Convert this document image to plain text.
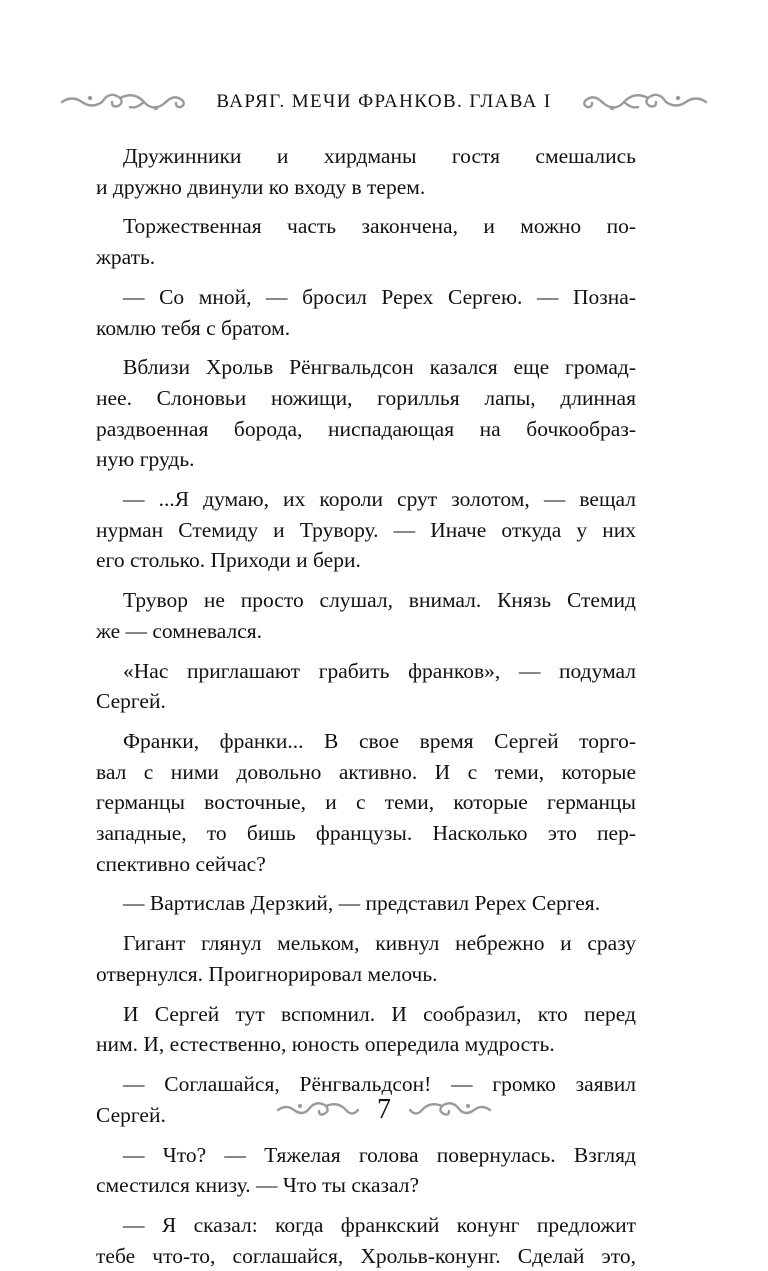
ВАРЯГ. МЕЧИ ФРАНКОВ. ГЛАВА I

Дружинники и хирдманы гостя смешались
и дружно двинули ко входу в терем.

Торжественная часть закончена, и можно по-
жрать.

— Со мной, — бросил Ререх Сергею. — Позна-
комлю тебя с братом.

Вблизи Хрольв Рёнгвальдсон казался еще громад-
нее. Слоновьи ножищи, гориллья лапы, длинная
раздвоенная борода, ниспадающая на бочкообраз-
ную грудь.

— ...Я думаю, их короли срут золотом, — вещал
нурман Стемиду и Трувору. — Иначе откуда у них
его столько. Приходи и бери.

Трувор не просто слушал, внимал. Князь Стемид
же — сомневался.

«Нас приглашают грабить франков», — подумал
Сергей.

Франки, франки... В свое время Сергей торго-
вал с ними довольно активно. И с теми, которые
германцы восточные, и с теми, которые германцы
западные, то бишь французы. Насколько это пер-
спективно сейчас?

— Вартислав Дерзкий, — представил Ререх Сергея.

Гигант глянул мельком, кивнул небрежно и сразу
отвернулся. Проигнорировал мелочь.

И Сергей тут вспомнил. И сообразил, кто перед
ним. И, естественно, юность опередила мудрость.

— Соглашайся, Рёнгвальдсон! — громко заявил
Сергей.

— Что? — Тяжелая голова повернулась. Взгляд
сместился книзу. — Что ты сказал?

— Я сказал: когда франкский конунг предложит
тебе что-то, соглашайся, Хрольв-конунг. Сделай это,

7
